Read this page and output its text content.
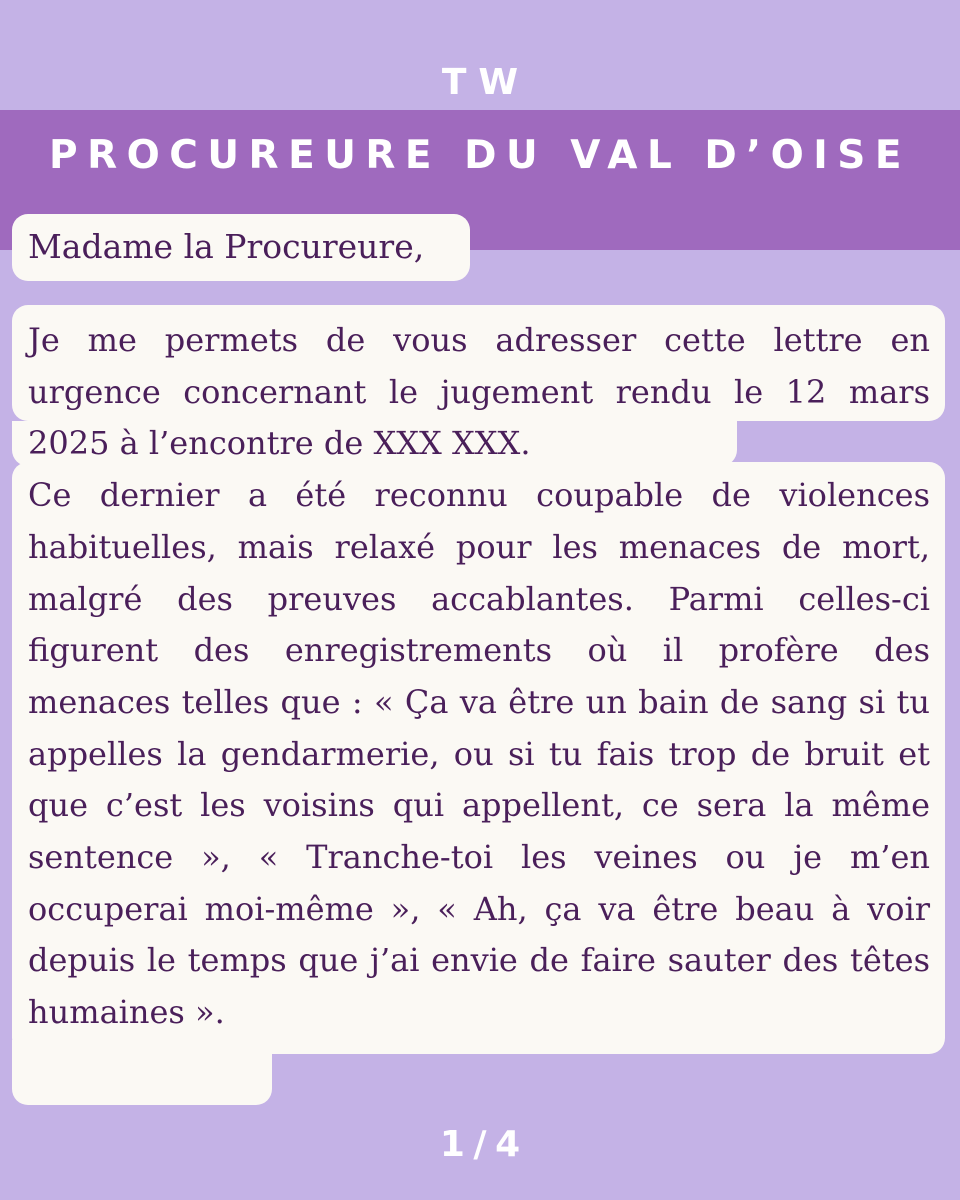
TW
PROCUREURE DU VAL D’OISE
Madame la Procureure,

Je me permets de vous adresser cette lettre en urgence concernant le jugement rendu le 12 mars 2025 à l’encontre de XXX XXX.

Ce dernier a été reconnu coupable de violences habituelles, mais relaxé pour les menaces de mort, malgré des preuves accablantes. Parmi celles-ci figurent des enregistrements où il profère des menaces telles que : « Ça va être un bain de sang si tu appelles la gendarmerie, ou si tu fais trop de bruit et que c’est les voisins qui appellent, ce sera la même sentence », « Tranche-toi les veines ou je m’en occuperai moi-même », « Ah, ça va être beau à voir depuis le temps que j’ai envie de faire sauter des têtes humaines ».

1 / 4
